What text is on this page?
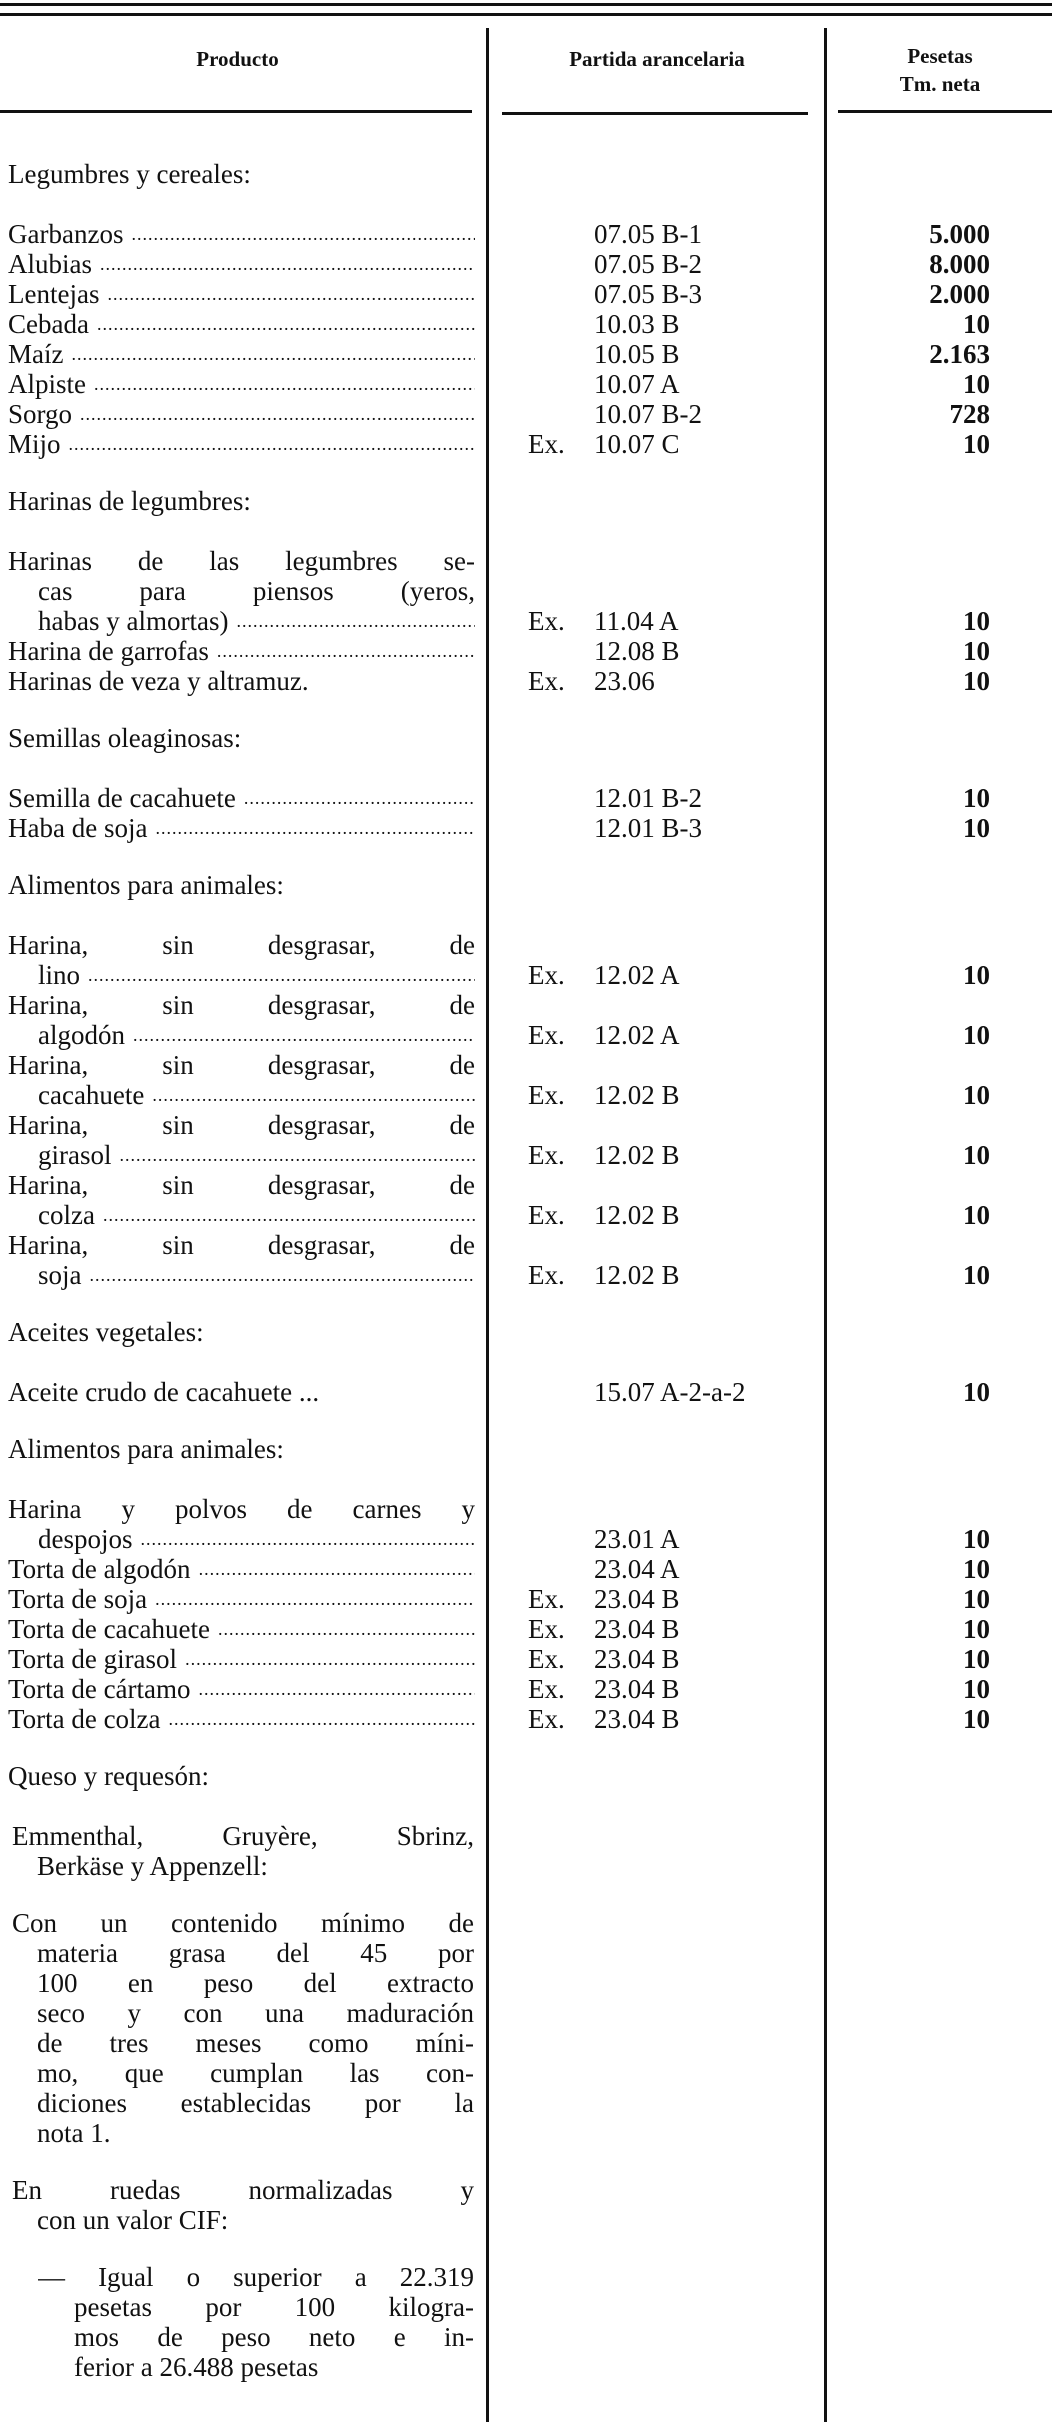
Producto	Partida arancelaria	Pesetas
Tm. neta
Legumbres y cereales:
Garbanzos .....	07.05 B-1	5.000
Alubias .....	07.05 B-2	8.000
Lentejas .....	07.05 B-3	2.000
Cebada .....	10.03 B	10
Maíz .....	10.05 B	2.163
Alpiste .....	10.07 A	10
Sorgo .....	10.07 B-2	728
Mijo .....	Ex. 10.07 C	10
Harinas de legumbres:
Harinas de las legumbres se-
cas para piensos (yeros,
habas y almortas) .....	Ex. 11.04 A	10
Harina de garrofas .....	12.08 B	10
Harinas de veza y altramuz.	Ex. 23.06	10
Semillas oleaginosas:
Semilla de cacahuete .....	12.01 B-2	10
Haba de soja .....	12.01 B-3	10
Alimentos para animales:
Harina, sin desgrasar, de
lino .....	Ex. 12.02 A	10
Harina, sin desgrasar, de
algodón .....	Ex. 12.02 A	10
Harina, sin desgrasar, de
cacahuete .....	Ex. 12.02 B	10
Harina, sin desgrasar, de
girasol .....	Ex. 12.02 B	10
Harina, sin desgrasar, de
colza .....	Ex. 12.02 B	10
Harina, sin desgrasar, de
soja .....	Ex. 12.02 B	10
Aceites vegetales:
Aceite crudo de cacahuete ...	15.07 A-2-a-2	10
Alimentos para animales:
Harina y polvos de carnes y
despojos .....	23.01 A	10
Torta de algodón .....	23.04 A	10
Torta de soja .....	Ex. 23.04 B	10
Torta de cacahuete .....	Ex. 23.04 B	10
Torta de girasol .....	Ex. 23.04 B	10
Torta de cártamo .....	Ex. 23.04 B	10
Torta de colza .....	Ex. 23.04 B	10
Queso y requesón:
Emmenthal, Gruyère, Sbrinz,
Berkäse y Appenzell:
Con un contenido mínimo de
materia grasa del 45 por
100 en peso del extracto
seco y con una maduración
de tres meses como míni-
mo, que cumplan las con-
diciones establecidas por la
nota 1.
En ruedas normalizadas y
con un valor CIF:
— Igual o superior a 22.319
pesetas por 100 kilogra-
mos de peso neto e in-
ferior a 26.488 pesetas
